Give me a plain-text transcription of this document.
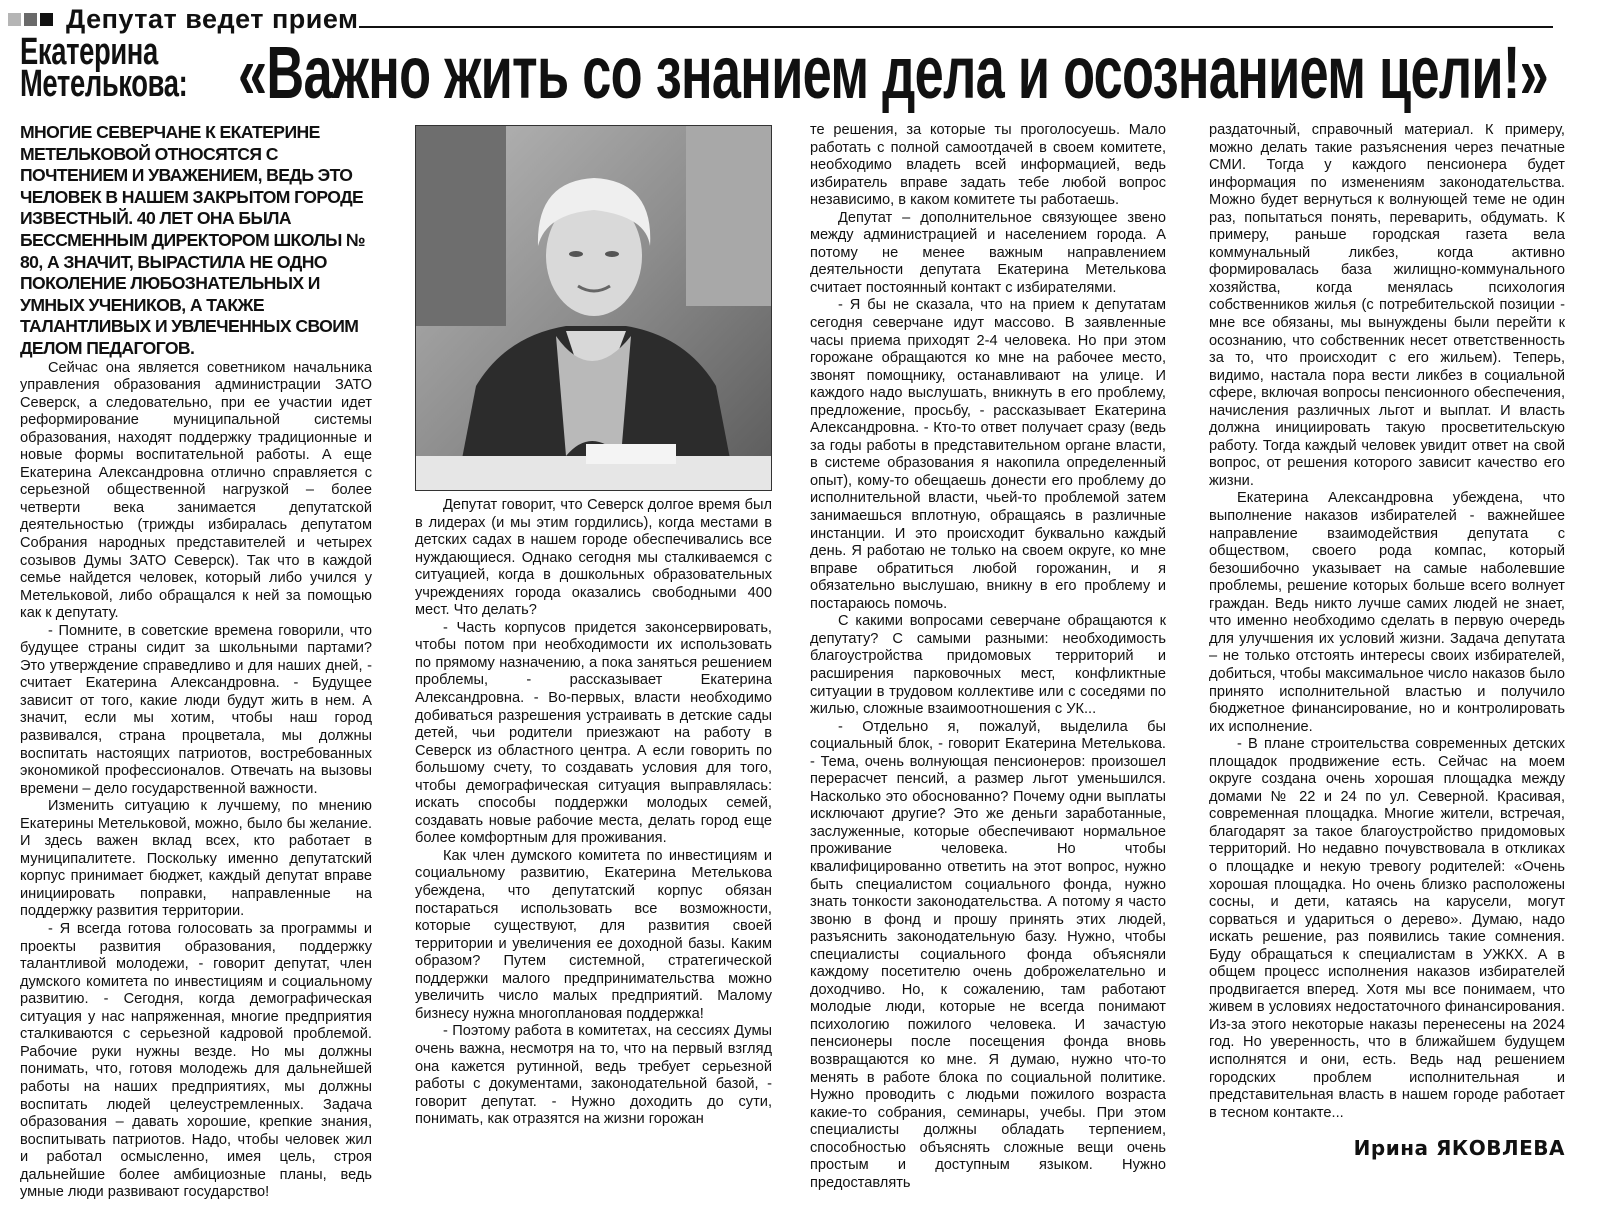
Депутат ведет прием
Екатерина
Метелькова: «Важно жить со знанием дела и осознанием цели!»

МНОГИЕ СЕВЕРЧАНЕ К ЕКАТЕРИНЕ МЕТЕЛЬКОВОЙ ОТНОСЯТСЯ С ПОЧТЕНИЕМ И УВАЖЕНИЕМ, ВЕДЬ ЭТО ЧЕЛОВЕК В НАШЕМ ЗАКРЫТОМ ГОРОДЕ ИЗВЕСТНЫЙ. 40 ЛЕТ ОНА БЫЛА БЕССМЕННЫМ ДИРЕКТОРОМ ШКОЛЫ № 80, А ЗНАЧИТ, ВЫРАСТИЛА НЕ ОДНО ПОКОЛЕНИЕ ЛЮБОЗНАТЕЛЬНЫХ И УМНЫХ УЧЕНИКОВ, А ТАКЖЕ ТАЛАНТЛИВЫХ И УВЛЕЧЕННЫХ СВОИМ ДЕЛОМ ПЕДАГОГОВ.

Сейчас она является советником начальника управления образования администрации ЗАТО Северск, а следовательно, при ее участии идет реформирование муниципальной системы образования, находят поддержку традиционные и новые формы воспитательной работы. А еще Екатерина Александровна отлично справляется с серьезной общественной нагрузкой – более четверти века занимается депутатской деятельностью (трижды избиралась депутатом Собрания народных представителей и четырех созывов Думы ЗАТО Северск). Так что в каждой семье найдется человек, который либо учился у Метельковой, либо обращался к ней за помощью как к депутату.

- Помните, в советские времена говорили, что будущее страны сидит за школьными партами? Это утверждение справедливо и для наших дней, - считает Екатерина Александровна. - Будущее зависит от того, какие люди будут жить в нем. А значит, если мы хотим, чтобы наш город развивался, страна процветала, мы должны воспитать настоящих патриотов, востребованных экономикой профессионалов. Отвечать на вызовы времени – дело государственной важности.

Изменить ситуацию к лучшему, по мнению Екатерины Метельковой, можно, было бы желание. И здесь важен вклад всех, кто работает в муниципалитете. Поскольку именно депутатский корпус принимает бюджет, каждый депутат вправе инициировать поправки, направленные на поддержку развития территории.

- Я всегда готова голосовать за программы и проекты развития образования, поддержку талантливой молодежи, - говорит депутат, член думского комитета по инвестициям и социальному развитию. - Сегодня, когда демографическая ситуация у нас напряженная, многие предприятия сталкиваются с серьезной кадровой проблемой. Рабочие руки нужны везде. Но мы должны понимать, что, готовя молодежь для дальнейшей работы на наших предприятиях, мы должны воспитать людей целеустремленных. Задача образования – давать хорошие, крепкие знания, воспитывать патриотов. Надо, чтобы человек жил и работал осмысленно, имея цель, строя дальнейшие более амбициозные планы, ведь умные люди развивают государство!

Депутат говорит, что Северск долгое время был в лидерах (и мы этим гордились), когда местами в детских садах в нашем городе обеспечивались все нуждающиеся. Однако сегодня мы сталкиваемся с ситуацией, когда в дошкольных образовательных учреждениях города оказались свободными 400 мест. Что делать?

- Часть корпусов придется законсервировать, чтобы потом при необходимости их использовать по прямому назначению, а пока заняться решением проблемы, - рассказывает Екатерина Александровна. - Во-первых, власти необходимо добиваться разрешения устраивать в детские сады детей, чьи родители приезжают на работу в Северск из областного центра. А если говорить по большому счету, то создавать условия для того, чтобы демографическая ситуация выправлялась: искать способы поддержки молодых семей, создавать новые рабочие места, делать город еще более комфортным для проживания.

Как член думского комитета по инвестициям и социальному развитию, Екатерина Метелькова убеждена, что депутатский корпус обязан постараться использовать все возможности, которые существуют, для развития своей территории и увеличения ее доходной базы. Каким образом? Путем системной, стратегической поддержки малого предпринимательства можно увеличить число малых предприятий. Малому бизнесу нужна многоплановая поддержка!

- Поэтому работа в комитетах, на сессиях Думы очень важна, несмотря на то, что на первый взгляд она кажется рутинной, ведь требует серьезной работы с документами, законодательной базой, - говорит депутат. - Нужно доходить до сути, понимать, как отразятся на жизни горожан

те решения, за которые ты проголосуешь. Мало работать с полной самоотдачей в своем комитете, необходимо владеть всей информацией, ведь избиратель вправе задать тебе любой вопрос независимо, в каком комитете ты работаешь.

Депутат – дополнительное связующее звено между администрацией и населением города. А потому не менее важным направлением деятельности депутата Екатерина Метелькова считает постоянный контакт с избирателями.

- Я бы не сказала, что на прием к депутатам сегодня северчане идут массово. В заявленные часы приема приходят 2-4 человека. Но при этом горожане обращаются ко мне на рабочее место, звонят помощнику, останавливают на улице. И каждого надо выслушать, вникнуть в его проблему, предложение, просьбу, - рассказывает Екатерина Александровна. - Кто-то ответ получает сразу (ведь за годы работы в представительном органе власти, в системе образования я накопила определенный опыт), кому-то обещаешь донести его проблему до исполнительной власти, чьей-то проблемой затем занимаешься вплотную, обращаясь в различные инстанции. И это происходит буквально каждый день. Я работаю не только на своем округе, ко мне вправе обратиться любой горожанин, и я обязательно выслушаю, вникну в его проблему и постараюсь помочь.

С какими вопросами северчане обращаются к депутату? С самыми разными: необходимость благоустройства придомовых территорий и расширения парковочных мест, конфликтные ситуации в трудовом коллективе или с соседями по жилью, сложные взаимоотношения с УК...

- Отдельно я, пожалуй, выделила бы социальный блок, - говорит Екатерина Метелькова. - Тема, очень волнующая пенсионеров: произошел перерасчет пенсий, а размер льгот уменьшился. Насколько это обоснованно? Почему одни выплаты исключают другие? Это же деньги заработанные, заслуженные, которые обеспечивают нормальное проживание человека. Но чтобы квалифицированно ответить на этот вопрос, нужно быть специалистом социального фонда, нужно знать тонкости законодательства. А потому я часто звоню в фонд и прошу принять этих людей, разъяснить законодательную базу. Нужно, чтобы специалисты социального фонда объясняли каждому посетителю очень доброжелательно и доходчиво. Но, к сожалению, там работают молодые люди, которые не всегда понимают психологию пожилого человека. И зачастую пенсионеры после посещения фонда вновь возвращаются ко мне. Я думаю, нужно что-то менять в работе блока по социальной политике. Нужно проводить с людьми пожилого возраста какие-то собрания, семинары, учебы. При этом специалисты должны обладать терпением, способностью объяснять сложные вещи очень простым и доступным языком. Нужно предоставлять

раздаточный, справочный материал. К примеру, можно делать такие разъяснения через печатные СМИ. Тогда у каждого пенсионера будет информация по изменениям законодательства. Можно будет вернуться к волнующей теме не один раз, попытаться понять, переварить, обдумать. К примеру, раньше городская газета вела коммунальный ликбез, когда активно формировалась база жилищно-коммунального хозяйства, когда менялась психология собственников жилья (с потребительской позиции - мне все обязаны, мы вынуждены были перейти к осознанию, что собственник несет ответственность за то, что происходит с его жильем). Теперь, видимо, настала пора вести ликбез в социальной сфере, включая вопросы пенсионного обеспечения, начисления различных льгот и выплат. И власть должна инициировать такую просветительскую работу. Тогда каждый человек увидит ответ на свой вопрос, от решения которого зависит качество его жизни.

Екатерина Александровна убеждена, что выполнение наказов избирателей - важнейшее направление взаимодействия депутата с обществом, своего рода компас, который безошибочно указывает на самые наболевшие проблемы, решение которых больше всего волнует граждан. Ведь никто лучше самих людей не знает, что именно необходимо сделать в первую очередь для улучшения их условий жизни. Задача депутата – не только отстоять интересы своих избирателей, добиться, чтобы максимальное число наказов было принято исполнительной властью и получило бюджетное финансирование, но и контролировать их исполнение.

- В плане строительства современных детских площадок продвижение есть. Сейчас на моем округе создана очень хорошая площадка между домами № 22 и 24 по ул. Северной. Красивая, современная площадка. Многие жители, встречая, благодарят за такое благоустройство придомовых территорий. Но недавно почувствовала в откликах о площадке и некую тревогу родителей: «Очень хорошая площадка. Но очень близко расположены сосны, и дети, катаясь на карусели, могут сорваться и удариться о дерево». Думаю, надо искать решение, раз появились такие сомнения. Буду обращаться к специалистам в УЖКХ. А в общем процесс исполнения наказов избирателей продвигается вперед. Хотя мы все понимаем, что живем в условиях недостаточного финансирования. Из-за этого некоторые наказы перенесены на 2024 год. Но уверенность, что в ближайшем будущем исполнятся и они, есть. Ведь над решением городских проблем исполнительная и представительная власть в нашем городе работает в тесном контакте...

Ирина ЯКОВЛЕВА
